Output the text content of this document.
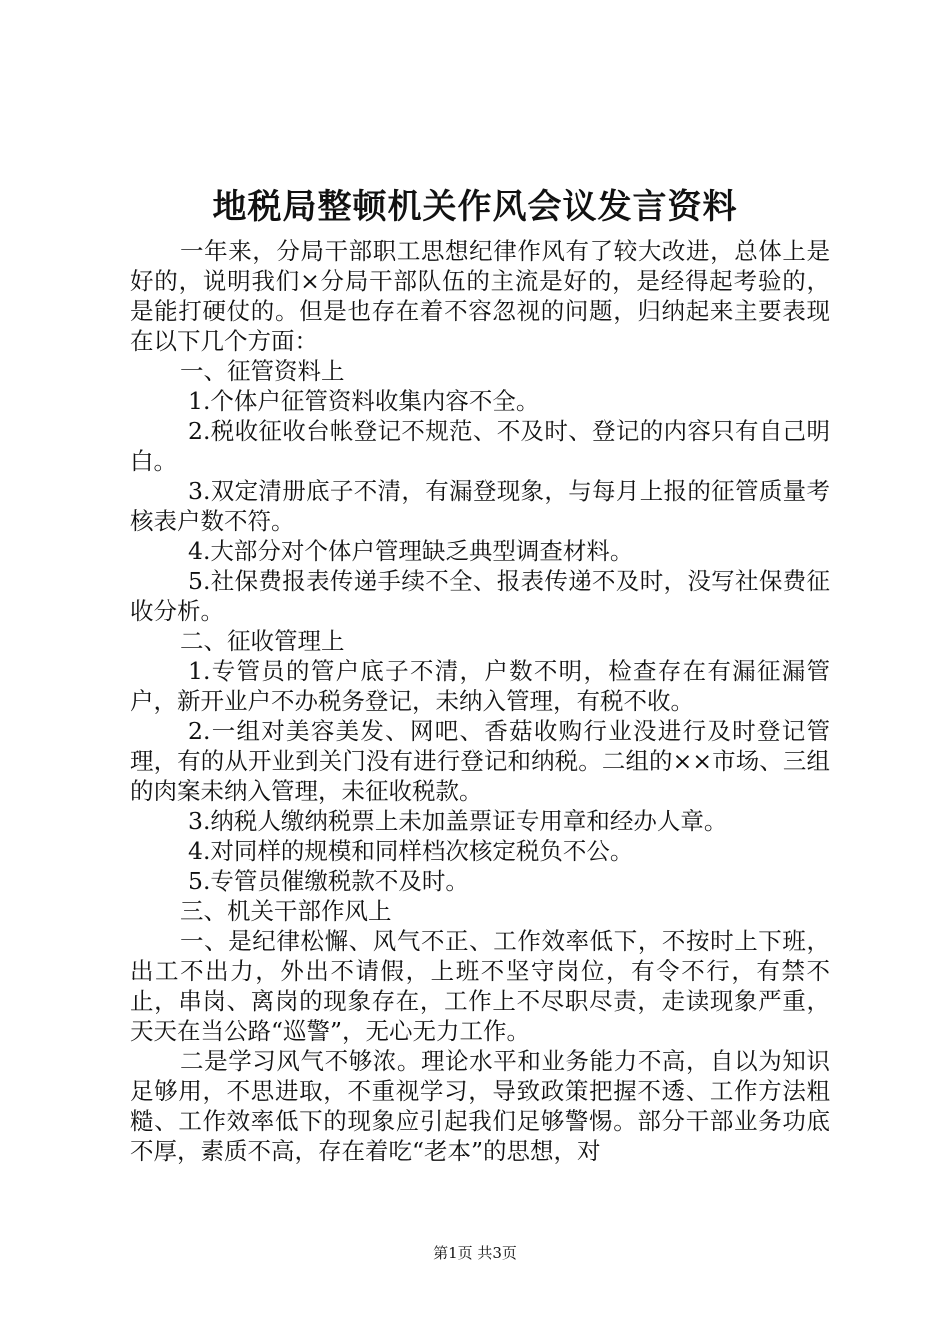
地税局整顿机关作风会议发言资料

一年来，分局干部职工思想纪律作风有了较大改进，总体上是好的，说明我们×分局干部队伍的主流是好的，是经得起考验的，是能打硬仗的。但是也存在着不容忽视的问题，归纳起来主要表现在以下几个方面：

一、征管资料上

1.个体户征管资料收集内容不全。

2.税收征收台帐登记不规范、不及时、登记的内容只有自己明白。

3.双定清册底子不清，有漏登现象，与每月上报的征管质量考核表户数不符。

4.大部分对个体户管理缺乏典型调查材料。

5.社保费报表传递手续不全、报表传递不及时，没写社保费征收分析。

二、征收管理上

1.专管员的管户底子不清，户数不明，检查存在有漏征漏管户，新开业户不办税务登记，未纳入管理，有税不收。

2.一组对美容美发、网吧、香菇收购行业没进行及时登记管理，有的从开业到关门没有进行登记和纳税。二组的××市场、三组的肉案未纳入管理，未征收税款。

3.纳税人缴纳税票上未加盖票证专用章和经办人章。

4.对同样的规模和同样档次核定税负不公。

5.专管员催缴税款不及时。

三、机关干部作风上

一、是纪律松懈、风气不正、工作效率低下，不按时上下班，出工不出力，外出不请假，上班不坚守岗位，有令不行，有禁不止，串岗、离岗的现象存在，工作上不尽职尽责，走读现象严重，天天在当公路“巡警”，无心无力工作。

二是学习风气不够浓。理论水平和业务能力不高，自以为知识足够用，不思进取，不重视学习，导致政策把握不透、工作方法粗糙、工作效率低下的现象应引起我们足够警惕。部分干部业务功底不厚，素质不高，存在着吃“老本”的思想，对

第1页 共3页
